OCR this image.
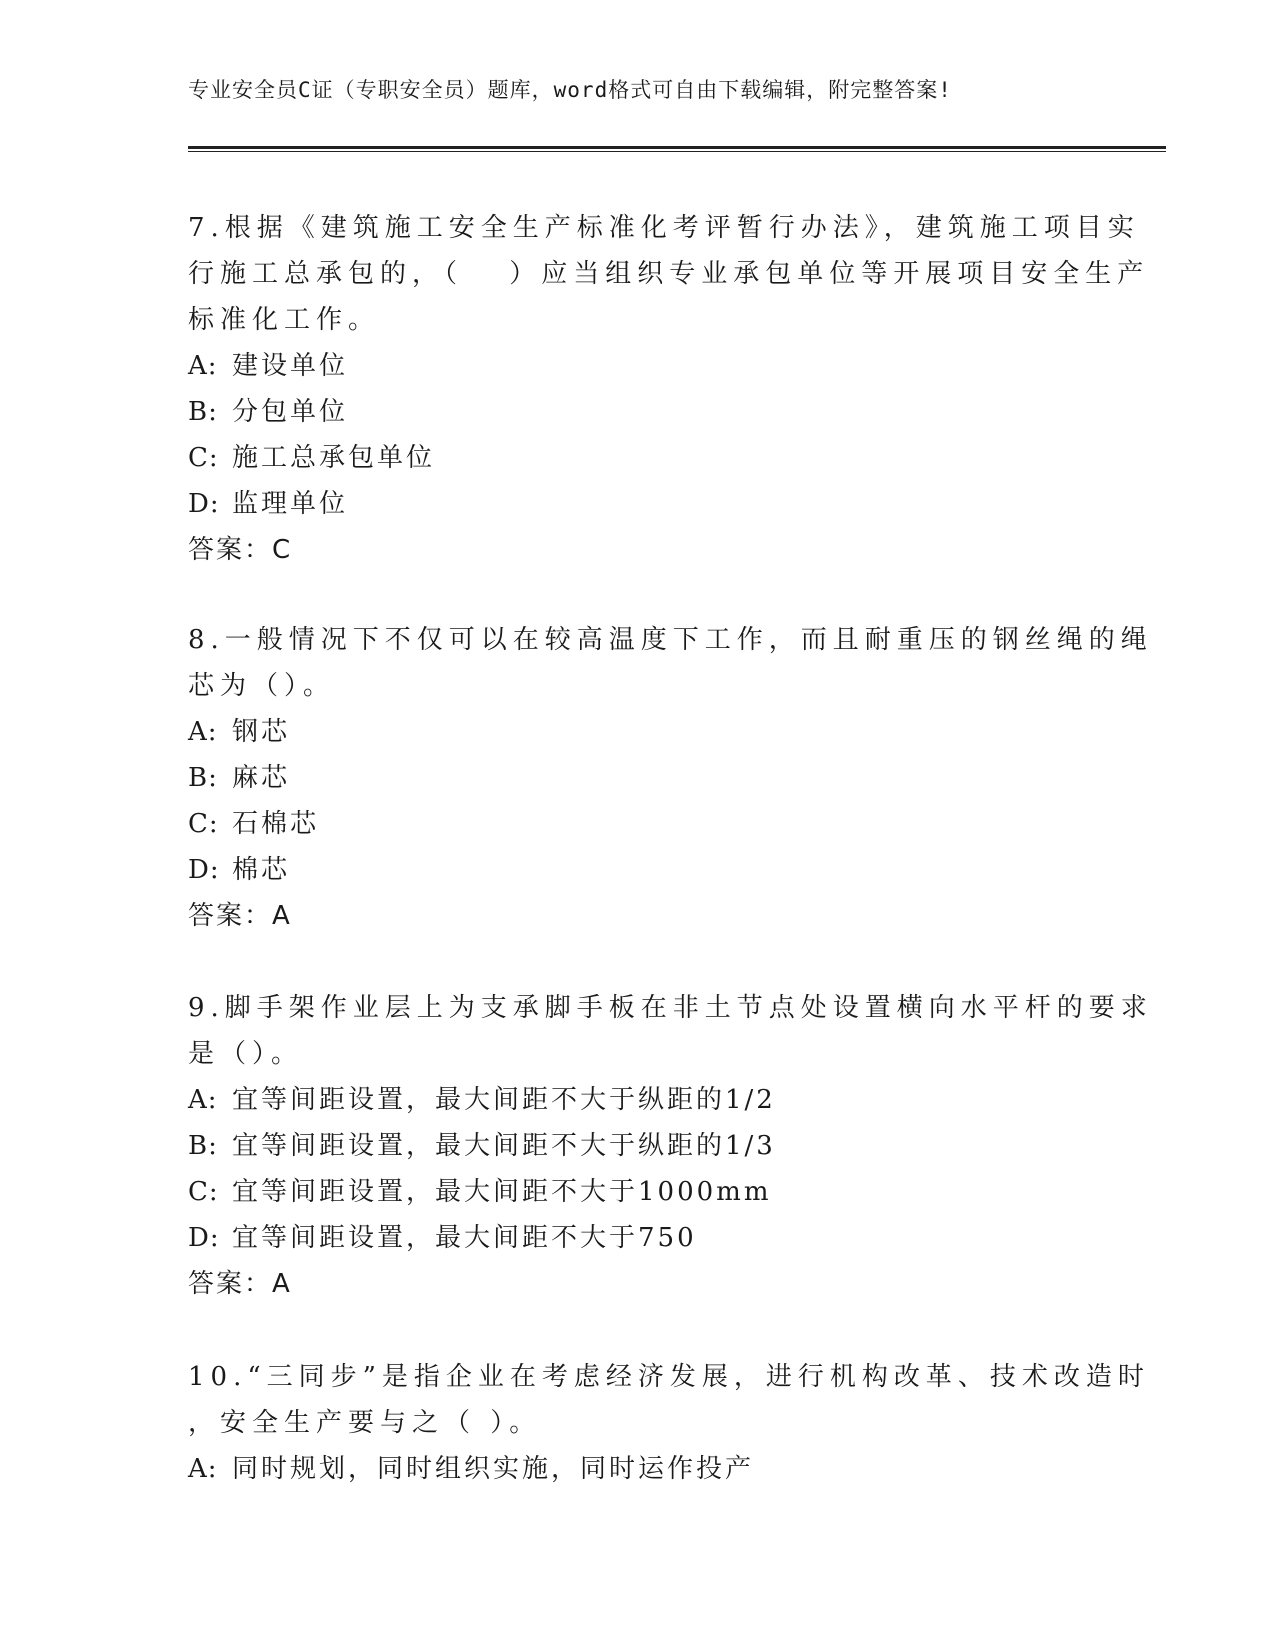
专业安全员C证（专职安全员）题库，word格式可自由下载编辑，附完整答案!
7.根据《建筑施工安全生产标准化考评暂行办法》，建筑施工项目实
行施工总承包的，（　 ）应当组织专业承包单位等开展项目安全生产
标准化工作。
A: 建设单位
B: 分包单位
C: 施工总承包单位
D: 监理单位
答案：C
8.一般情况下不仅可以在较高温度下工作，而且耐重压的钢丝绳的绳
芯为（）。
A: 钢芯
B: 麻芯
C: 石棉芯
D: 棉芯
答案：A
9.脚手架作业层上为支承脚手板在非土节点处设置横向水平杆的要求
是（）。
A: 宜等间距设置，最大间距不大于纵距的1/2
B: 宜等间距设置，最大间距不大于纵距的1/3
C: 宜等间距设置，最大间距不大于1000mm
D: 宜等间距设置，最大间距不大于750
答案：A
10.“三同步”是指企业在考虑经济发展，进行机构改革、技术改造时
，安全生产要与之（ ）。
A: 同时规划，同时组织实施，同时运作投产
